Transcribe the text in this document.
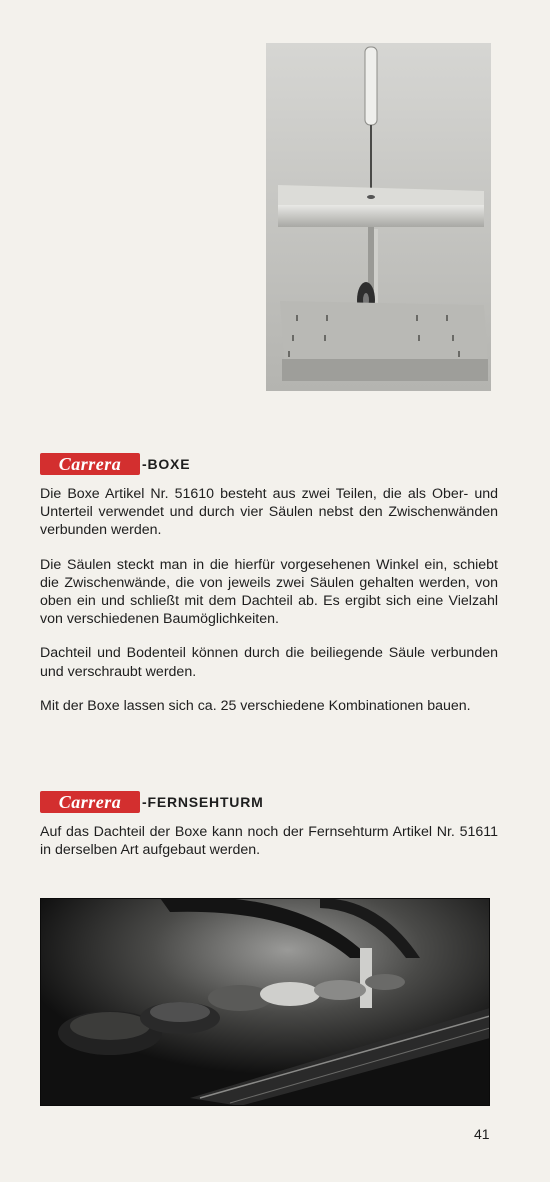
Carrera	-BOXE

Die Boxe Artikel Nr. 51610 besteht aus zwei Teilen, die als Ober- und Unterteil verwendet und durch vier Säulen nebst den Zwischenwänden verbunden werden.

Die Säulen steckt man in die hierfür vorgesehenen Winkel ein, schiebt die Zwischenwände, die von jeweils zwei Säulen gehalten werden, von oben ein und schließt mit dem Dachteil ab. Es ergibt sich eine Vielzahl von verschiedenen Baumöglichkeiten.

Dachteil und Bodenteil können durch die beiliegende Säule verbunden und verschraubt werden.

Mit der Boxe lassen sich ca. 25 verschiedene Kombinationen bauen.

Carrera	-FERNSEHTURM

Auf das Dachteil der Boxe kann noch der Fernsehturm Artikel Nr. 51611 in derselben Art aufgebaut werden.

41
